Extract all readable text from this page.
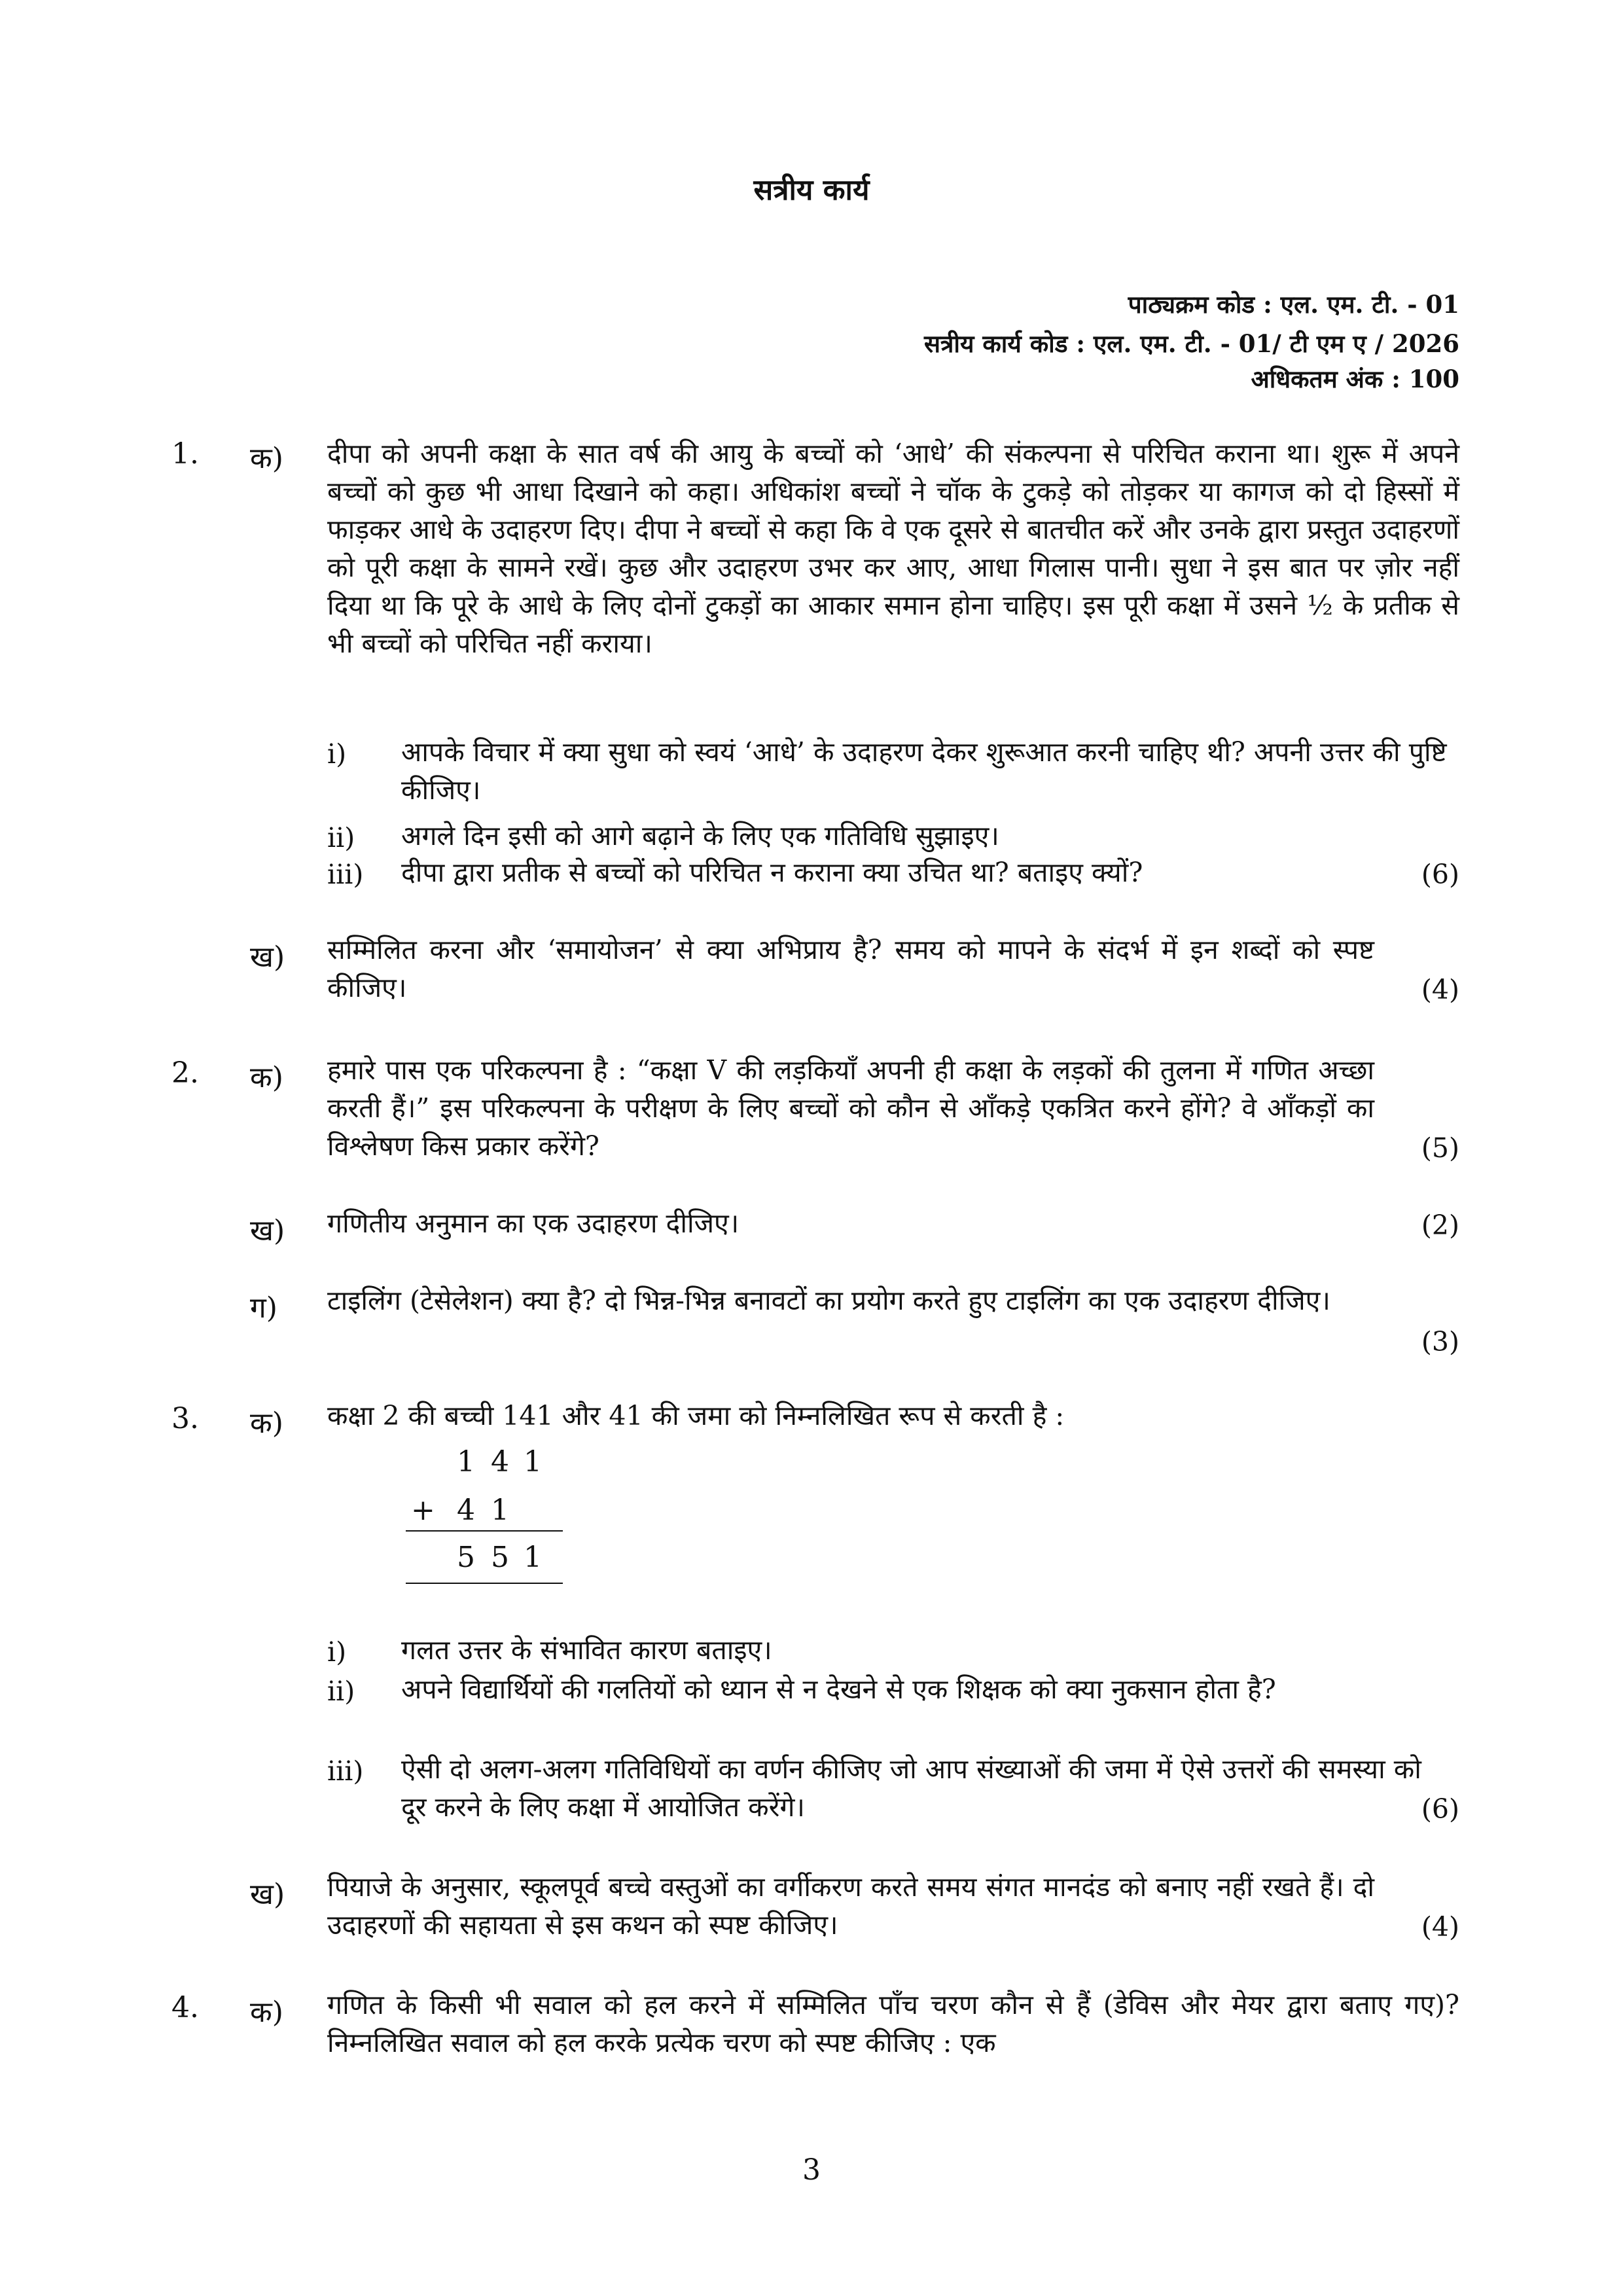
सत्रीय कार्य
पाठ्यक्रम कोड : एल. एम. टी. - 01
सत्रीय कार्य कोड : एल. एम. टी. - 01/ टी एम ए / 2026
अधिकतम अंक : 100
1. क) दीपा को अपनी कक्षा के सात वर्ष की आयु के बच्चों को ‘आधे’ की संकल्पना से परिचित कराना था। शुरू में अपने बच्चों को कुछ भी आधा दिखाने को कहा। अधिकांश बच्चों ने चॉक के टुकड़े को तोड़कर या कागज को दो हिस्सों में फाड़कर आधे के उदाहरण दिए। दीपा ने बच्चों से कहा कि वे एक दूसरे से बातचीत करें और उनके द्वारा प्रस्तुत उदाहरणों को पूरी कक्षा के सामने रखें। कुछ और उदाहरण उभर कर आए, आधा गिलास पानी। सुधा ने इस बात पर ज़ोर नहीं दिया था कि पूरे के आधे के लिए दोनों टुकड़ों का आकार समान होना चाहिए। इस पूरी कक्षा में उसने ½ के प्रतीक से भी बच्चों को परिचित नहीं कराया।
i) आपके विचार में क्या सुधा को स्वयं ‘आधे’ के उदाहरण देकर शुरूआत करनी चाहिए थी? अपनी उत्तर की पुष्टि कीजिए।
ii) अगले दिन इसी को आगे बढ़ाने के लिए एक गतिविधि सुझाइए।
iii) दीपा द्वारा प्रतीक से बच्चों को परिचित न कराना क्या उचित था? बताइए क्यों?	(6)
ख) सम्मिलित करना और ‘समायोजन’ से क्या अभिप्राय है? समय को मापने के संदर्भ में इन शब्दों को स्पष्ट कीजिए।	(4)
2. क) हमारे पास एक परिकल्पना है : “कक्षा V की लड़कियाँ अपनी ही कक्षा के लड़कों की तुलना में गणित अच्छा करती हैं।” इस परिकल्पना के परीक्षण के लिए बच्चों को कौन से आँकड़े एकत्रित करने होंगे? वे आँकड़ों का विश्लेषण किस प्रकार करेंगे?	(5)
ख) गणितीय अनुमान का एक उदाहरण दीजिए।	(2)
ग) टाइलिंग (टेसेलेशन) क्या है? दो भिन्न-भिन्न बनावटों का प्रयोग करते हुए टाइलिंग का एक उदाहरण दीजिए।
(3)
3. क) कक्षा 2 की बच्ची 141 और 41 की जमा को निम्नलिखित रूप से करती है :
1 4 1
+ 4 1
5 5 1
i) गलत उत्तर के संभावित कारण बताइए।
ii) अपने विद्यार्थियों की गलतियों को ध्यान से न देखने से एक शिक्षक को क्या नुकसान होता है?
iii) ऐसी दो अलग-अलग गतिविधियों का वर्णन कीजिए जो आप संख्याओं की जमा में ऐसे उत्तरों की समस्या को दूर करने के लिए कक्षा में आयोजित करेंगे।	(6)
ख) पियाजे के अनुसार, स्कूलपूर्व बच्चे वस्तुओं का वर्गीकरण करते समय संगत मानदंड को बनाए नहीं रखते हैं। दो उदाहरणों की सहायता से इस कथन को स्पष्ट कीजिए।	(4)
4. क) गणित के किसी भी सवाल को हल करने में सम्मिलित पाँच चरण कौन से हैं (डेविस और मेयर द्वारा बताए गए)? निम्नलिखित सवाल को हल करके प्रत्येक चरण को स्पष्ट कीजिए : एक
3
